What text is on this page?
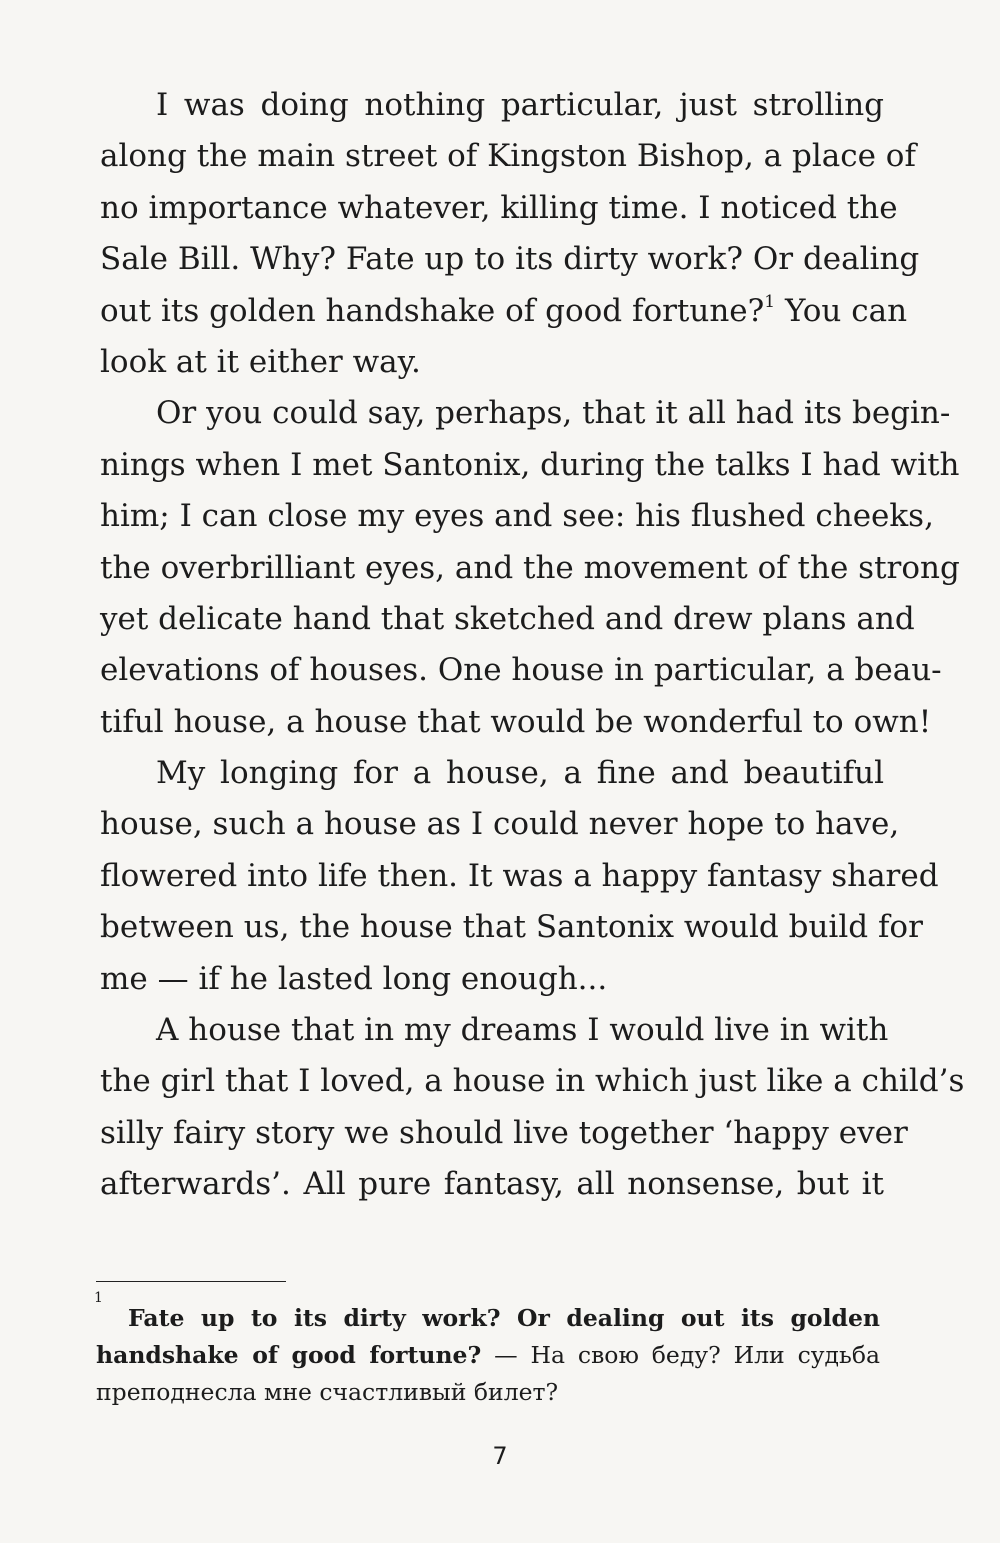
I was doing nothing particular, just strolling
along the main street of Kingston Bishop, a place of
no importance whatever, killing time. I noticed the
Sale Bill. Why? Fate up to its dirty work? Or dealing
out its golden handshake of good fortune?$^1$ You can
look at it either way.
Or you could say, perhaps, that it all had its begin-
nings when I met Santonix, during the talks I had with
him; I can close my eyes and see: his flushed cheeks,
the overbrilliant eyes, and the movement of the strong
yet delicate hand that sketched and drew plans and
elevations of houses. One house in particular, a beau-
tiful house, a house that would be wonderful to own!
My longing for a house, a fine and beautiful
house, such a house as I could never hope to have,
flowered into life then. It was a happy fantasy shared
between us, the house that Santonix would build for
me — if he lasted long enough...
A house that in my dreams I would live in with
the girl that I loved, a house in which just like a child’s
silly fairy story we should live together ‘happy ever
afterwards’. All pure fantasy, all nonsense, but it
1
Fate up to its dirty work? Or dealing out its golden
handshake of good fortune? — На свою беду? Или судьба
преподнесла мне счастливый билет?
7
